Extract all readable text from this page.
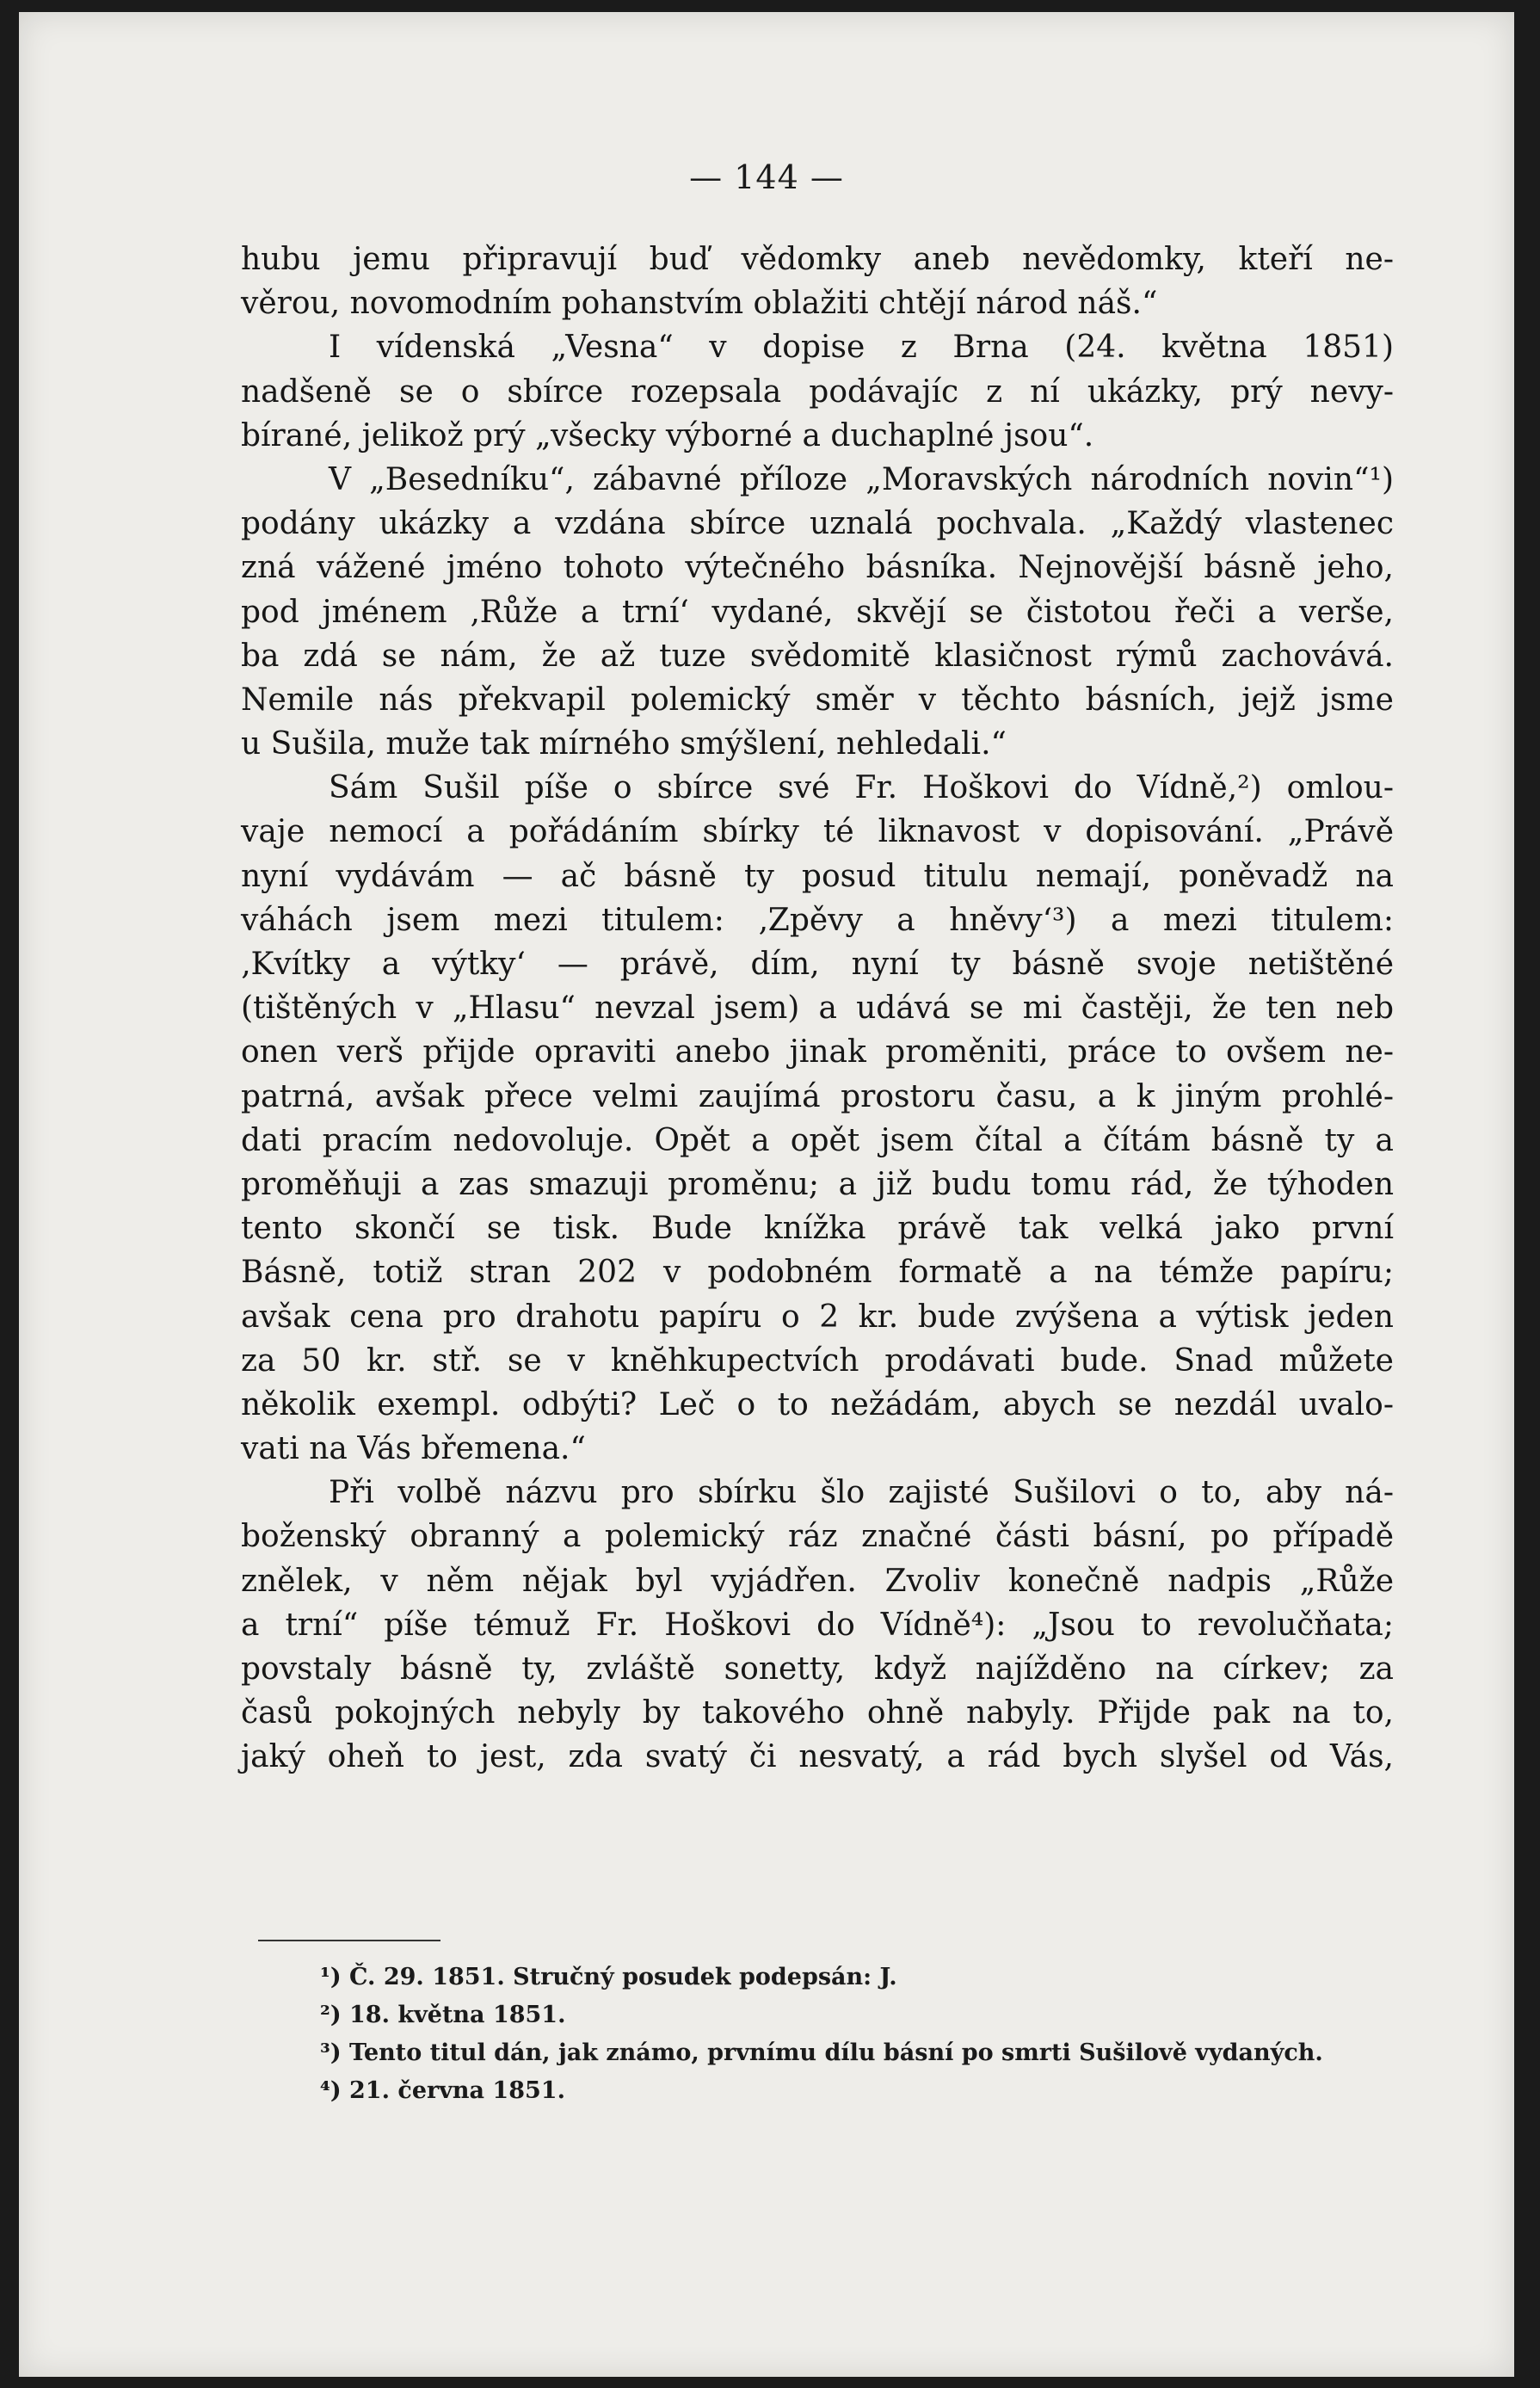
— 144 —
hubu jemu připravují buď vědomky aneb nevědomky, kteří ne-
věrou, novomodním pohanstvím oblažiti chtějí národ náš.“
I vídenská „Vesna“ v dopise z Brna (24. května 1851)
nadšeně se o sbírce rozepsala podávajíc z ní ukázky, prý nevy-
bírané, jelikož prý „všecky výborné a duchaplné jsou“.
V „Besedníku“, zábavné příloze „Moravských národních novin“¹)
podány ukázky a vzdána sbírce uznalá pochvala. „Každý vlastenec
zná vážené jméno tohoto výtečného básníka. Nejnovější básně jeho,
pod jménem ‚Růže a trní‘ vydané, skvějí se čistotou řeči a verše,
ba zdá se nám, že až tuze svědomitě klasičnost rýmů zachovává.
Nemile nás překvapil polemický směr v těchto básních, jejž jsme
u Sušila, muže tak mírného smýšlení, nehledali.“
Sám Sušil píše o sbírce své Fr. Hoškovi do Vídně,²) omlou-
vaje nemocí a pořádáním sbírky té liknavost v dopisování. „Právě
nyní vydávám — ač básně ty posud titulu nemají, poněvadž na
váhách jsem mezi titulem: ‚Zpěvy a hněvy‘³) a mezi titulem:
‚Kvítky a výtky‘ — právě, dím, nyní ty básně svoje netištěné
(tištěných v „Hlasu“ nevzal jsem) a udává se mi častěji, že ten neb
onen verš přijde opraviti anebo jinak proměniti, práce to ovšem ne-
patrná, avšak přece velmi zaujímá prostoru času, a k jiným prohlé-
dati pracím nedovoluje. Opět a opět jsem čítal a čítám básně ty a
proměňuji a zas smazuji proměnu; a již budu tomu rád, že týhoden
tento skončí se tisk. Bude knížka právě tak velká jako první
Básně, totiž stran 202 v podobném formatě a na témže papíru;
avšak cena pro drahotu papíru o 2 kr. bude zvýšena a výtisk jeden
za 50 kr. stř. se v knĕhkupectvích prodávati bude. Snad můžete
několik exempl. odbýti? Leč o to nežádám, abych se nezdál uvalo-
vati na Vás břemena.“
Při volbě názvu pro sbírku šlo zajisté Sušilovi o to, aby ná-
boženský obranný a polemický ráz značné části básní, po případě
znělek, v něm nějak byl vyjádřen. Zvoliv konečně nadpis „Růže
a trní“ píše témuž Fr. Hoškovi do Vídně⁴): „Jsou to revolučňata;
povstaly básně ty, zvláště sonetty, když najížděno na církev; za
časů pokojných nebyly by takového ohně nabyly. Přijde pak na to,
jaký oheň to jest, zda svatý či nesvatý, a rád bych slyšel od Vás,
¹) Č. 29. 1851. Stručný posudek podepsán: J.
²) 18. května 1851.
³) Tento titul dán, jak známo, prvnímu dílu básní po smrti Sušilově vydaných.
⁴) 21. června 1851.
